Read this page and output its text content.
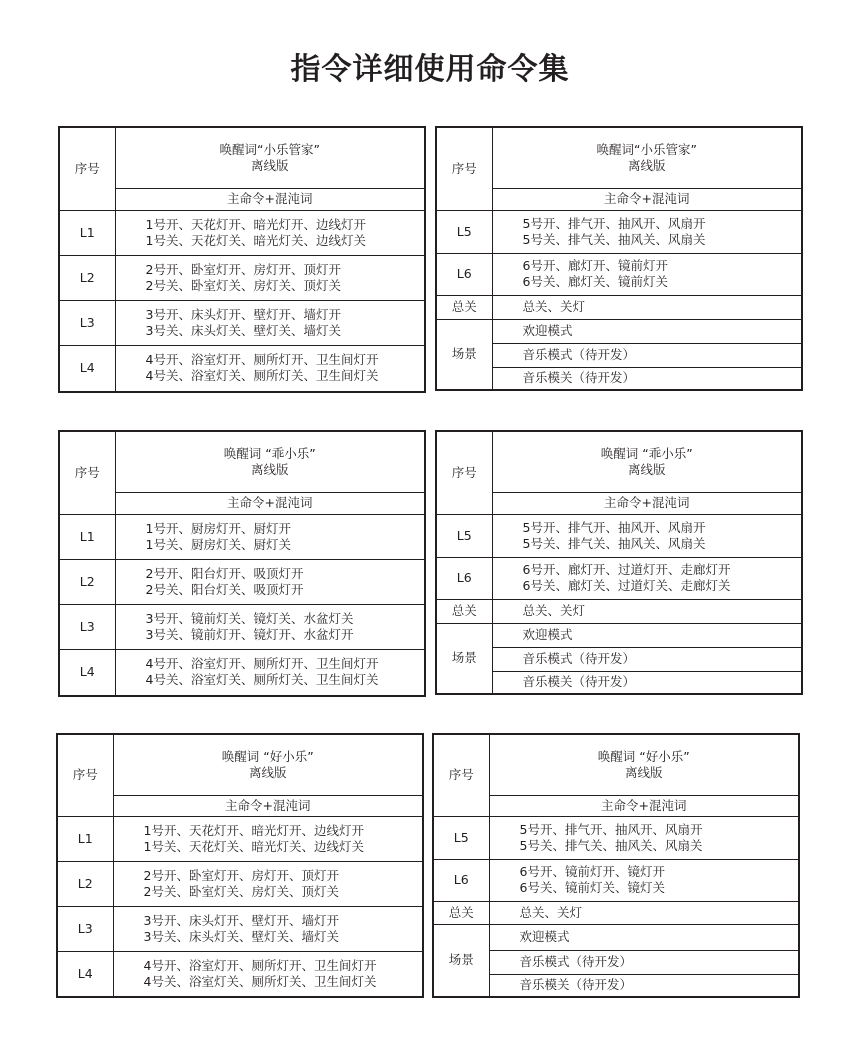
指令详细使用命令集
序号	唤醒词“小乐管家”
离线版

	主命令+混沌词
L1	1号开、天花灯开、暗光灯开、边线灯开
1号关、天花灯关、暗光灯关、边线灯关

L2	2号开、卧室灯开、房灯开、顶灯开
2号关、卧室灯关、房灯关、顶灯关

L3	3号开、床头灯开、壁灯开、墙灯开
3号关、床头灯关、壁灯关、墙灯关

L4	4号开、浴室灯开、厕所灯开、卫生间灯开
4号关、浴室灯关、厕所灯关、卫生间灯关
序号	唤醒词“小乐管家”
离线版

	主命令+混沌词
L5	5号开、排气开、抽风开、风扇开
5号关、排气关、抽风关、风扇关

L6	6号开、廊灯开、镜前灯开
6号关、廊灯关、镜前灯关

总关	总关、关灯
场景	欢迎模式
	音乐模式（待开发）
	音乐模关（待开发）
序号	唤醒词 “乖小乐”
离线版

	主命令+混沌词
L1	1号开、厨房灯开、厨灯开
1号关、厨房灯关、厨灯关

L2	2号开、阳台灯开、吸顶灯开
2号关、阳台灯关、吸顶灯开

L3	3号开、镜前灯关、镜灯关、水盆灯关
3号关、镜前灯开、镜灯开、水盆灯开

L4	4号开、浴室灯开、厕所灯开、卫生间灯开
4号关、浴室灯关、厕所灯关、卫生间灯关
序号	唤醒词 “乖小乐”
离线版

	主命令+混沌词
L5	5号开、排气开、抽风开、风扇开
5号关、排气关、抽风关、风扇关

L6	6号开、廊灯开、过道灯开、走廊灯开
6号关、廊灯关、过道灯关、走廊灯关

总关	总关、关灯
场景	欢迎模式
	音乐模式（待开发）
	音乐模关（待开发）
序号	唤醒词 “好小乐”
离线版

	主命令+混沌词
L1	1号开、天花灯开、暗光灯开、边线灯开
1号关、天花灯关、暗光灯关、边线灯关

L2	2号开、卧室灯开、房灯开、顶灯开
2号关、卧室灯关、房灯关、顶灯关

L3	3号开、床头灯开、壁灯开、墙灯开
3号关、床头灯关、壁灯关、墙灯关

L4	4号开、浴室灯开、厕所灯开、卫生间灯开
4号关、浴室灯关、厕所灯关、卫生间灯关
序号	唤醒词 “好小乐”
离线版

	主命令+混沌词
L5	5号开、排气开、抽风开、风扇开
5号关、排气关、抽风关、风扇关

L6	6号开、镜前灯开、镜灯开
6号关、镜前灯关、镜灯关

总关	总关、关灯
场景	欢迎模式
	音乐模式（待开发）
	音乐模关（待开发）
